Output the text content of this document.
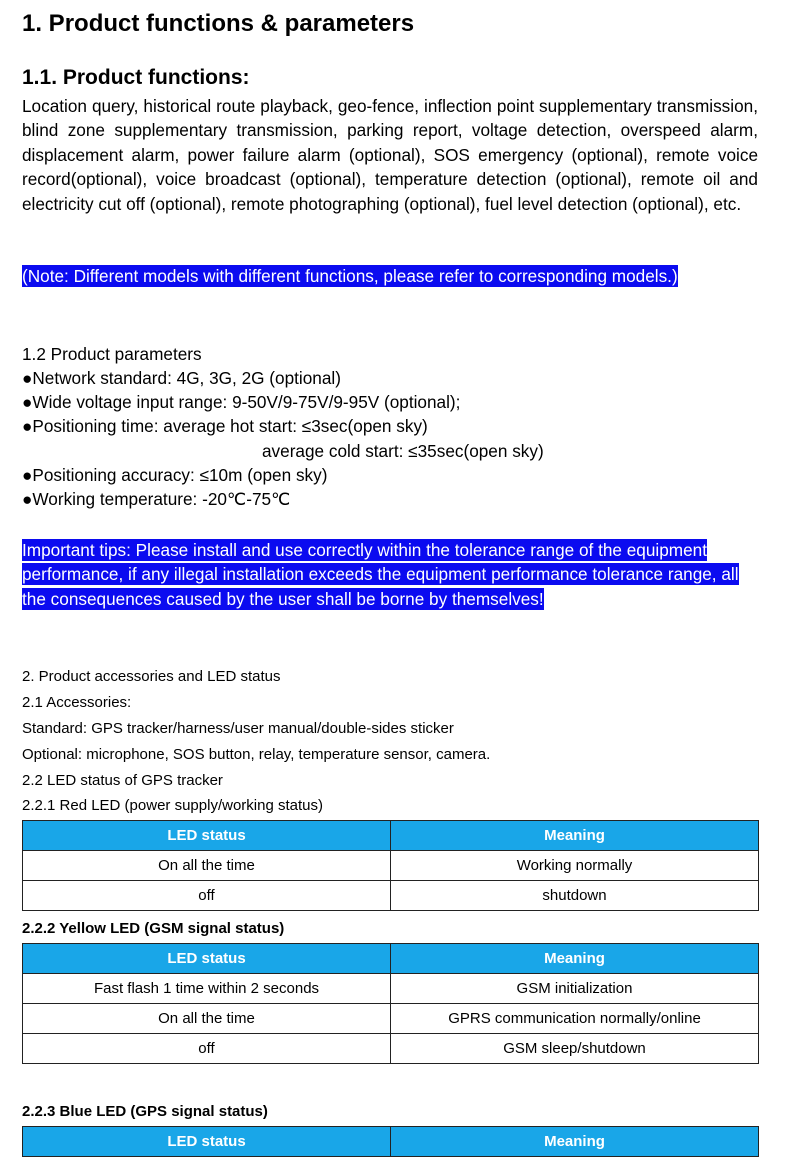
1. Product functions & parameters
1.1. Product functions:
Location query, historical route playback, geo-fence, inflection point supplementary transmission, blind zone supplementary transmission, parking report, voltage detection, overspeed alarm, displacement alarm, power failure alarm (optional), SOS emergency (optional), remote voice record(optional), voice broadcast (optional), temperature detection (optional), remote oil and electricity cut off (optional), remote photographing (optional), fuel level detection (optional), etc.
(Note: Different models with different functions, please refer to corresponding models.)
1.2 Product parameters
●Network standard: 4G, 3G, 2G (optional)
●Wide voltage input range: 9-50V/9-75V/9-95V (optional);
●Positioning time: average hot start: ≤3sec(open sky)
average cold start: ≤35sec(open sky)
●Positioning accuracy: ≤10m (open sky)
●Working temperature: -20℃-75℃
Important tips: Please install and use correctly within the tolerance range of the equipment performance, if any illegal installation exceeds the equipment performance tolerance range, all the consequences caused by the user shall be borne by themselves!
2. Product accessories and LED status
2.1 Accessories:
Standard: GPS tracker/harness/user manual/double-sides sticker
Optional: microphone, SOS button, relay, temperature sensor, camera.
2.2 LED status of GPS tracker
2.2.1 Red LED (power supply/working status)
LED status	Meaning
On all the time	Working normally
off	shutdown
2.2.2 Yellow LED (GSM signal status)
LED status	Meaning
Fast flash 1 time within 2 seconds	GSM initialization
On all the time	GPRS communication normally/online
off	GSM sleep/shutdown
2.2.3 Blue LED (GPS signal status)
LED status	Meaning
